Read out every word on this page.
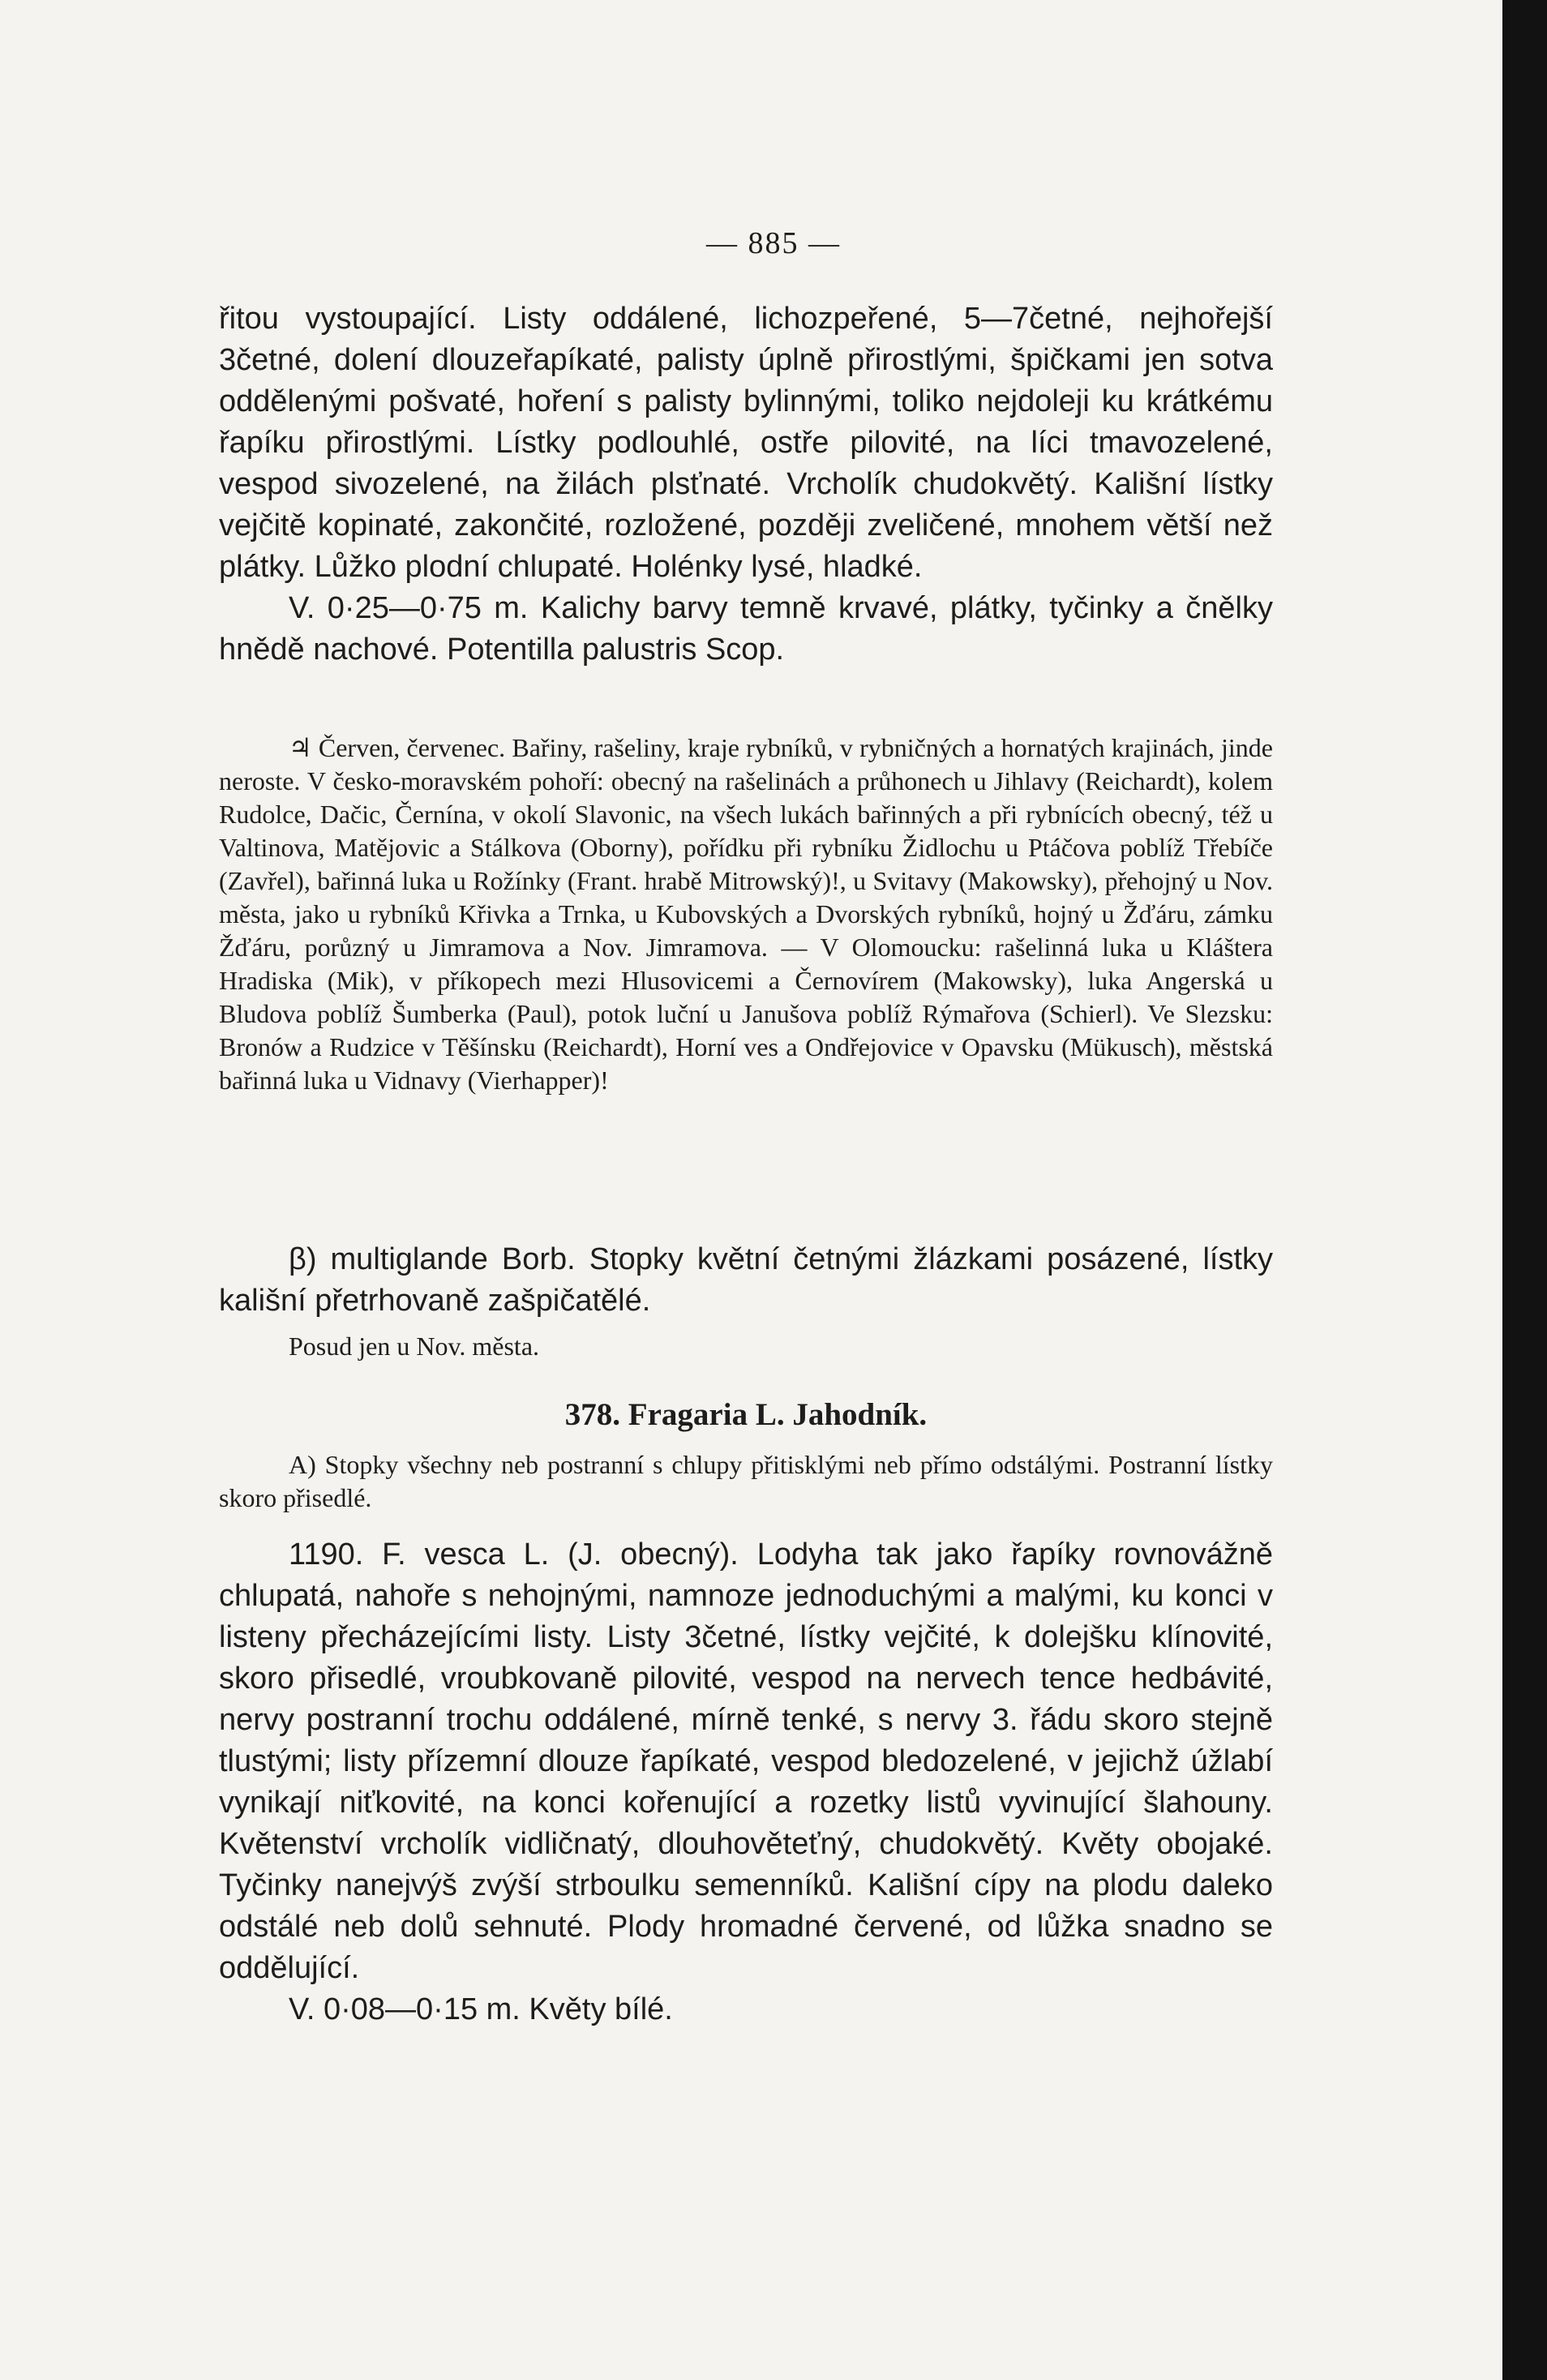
— 885 —

řitou vystoupající. Listy oddálené, lichozpeřené, 5—7četné, nejhořejší 3četné, dolení dlouzeřapíkaté, palisty úplně přirostlými, špičkami jen sotva oddělenými pošvaté, hoření s palisty bylinnými, toliko nejdoleji ku krátkému řapíku přirostlými. Lístky podlouhlé, ostře pilovité, na líci tmavozelené, vespod sivozelené, na žilách plsťnaté. Vrcholík chudokvětý. Kališní lístky vejčitě kopinaté, zakončité, rozložené, později zveličené, mnohem větší než plátky. Lůžko plodní chlupaté. Holénky lysé, hladké.

V. 0·25—0·75 m. Kalichy barvy temně krvavé, plátky, tyčinky a čnělky hnědě nachové. Potentilla palustris Scop.

♃ Červen, červenec. Bařiny, rašeliny, kraje rybníků, v rybničných a hornatých krajinách, jinde neroste. V česko-moravském pohoří: obecný na rašelinách a průhonech u Jihlavy (Reichardt), kolem Rudolce, Dačic, Černína, v okolí Slavonic, na všech lukách bařinných a při rybnících obecný, též u Valtinova, Matějovic a Stálkova (Oborny), pořídku při rybníku Židlochu u Ptáčova poblíž Třebíče (Zavřel), bařinná luka u Rožínky (Frant. hrabě Mitrowský)!, u Svitavy (Makowsky), přehojný u Nov. města, jako u rybníků Křivka a Trnka, u Kubovských a Dvorských rybníků, hojný u Žďáru, zámku Žďáru, porůzný u Jimramova a Nov. Jimramova. — V Olomoucku: rašelinná luka u Kláštera Hradiska (Mik), v příkopech mezi Hlusovicemi a Černovírem (Makowsky), luka Angerská u Bludova poblíž Šumberka (Paul), potok luční u Janušova poblíž Rýmařova (Schierl). Ve Slezsku: Bronów a Rudzice v Těšínsku (Reichardt), Horní ves a Ondřejovice v Opavsku (Mükusch), městská bařinná luka u Vidnavy (Vierhapper)!

β) multiglande Borb. Stopky květní četnými žlázkami posázené, lístky kališní přetrhovaně zašpičatělé.

Posud jen u Nov. města.

378. Fragaria L. Jahodník.

A) Stopky všechny neb postranní s chlupy přitisklými neb přímo odstálými. Postranní lístky skoro přisedlé.

1190. F. vesca L. (J. obecný). Lodyha tak jako řapíky rovnovážně chlupatá, nahoře s nehojnými, namnoze jednoduchými a malými, ku konci v listeny přecházejícími listy. Listy 3četné, lístky vejčité, k dolejšku klínovité, skoro přisedlé, vroubkovaně pilovité, vespod na nervech tence hedbávité, nervy postranní trochu oddálené, mírně tenké, s nervy 3. řádu skoro stejně tlustými; listy přízemní dlouze řapíkaté, vespod bledozelené, v jejichž úžlabí vynikají niťkovité, na konci kořenující a rozetky listů vyvinující šlahouny. Květenství vrcholík vidličnatý, dlouhověteťný, chudokvětý. Květy obojaké. Tyčinky nanejvýš zvýší strboulku semenníků. Kališní cípy na plodu daleko odstálé neb dolů sehnuté. Plody hromadné červené, od lůžka snadno se oddělující.

V. 0·08—0·15 m. Květy bílé.
